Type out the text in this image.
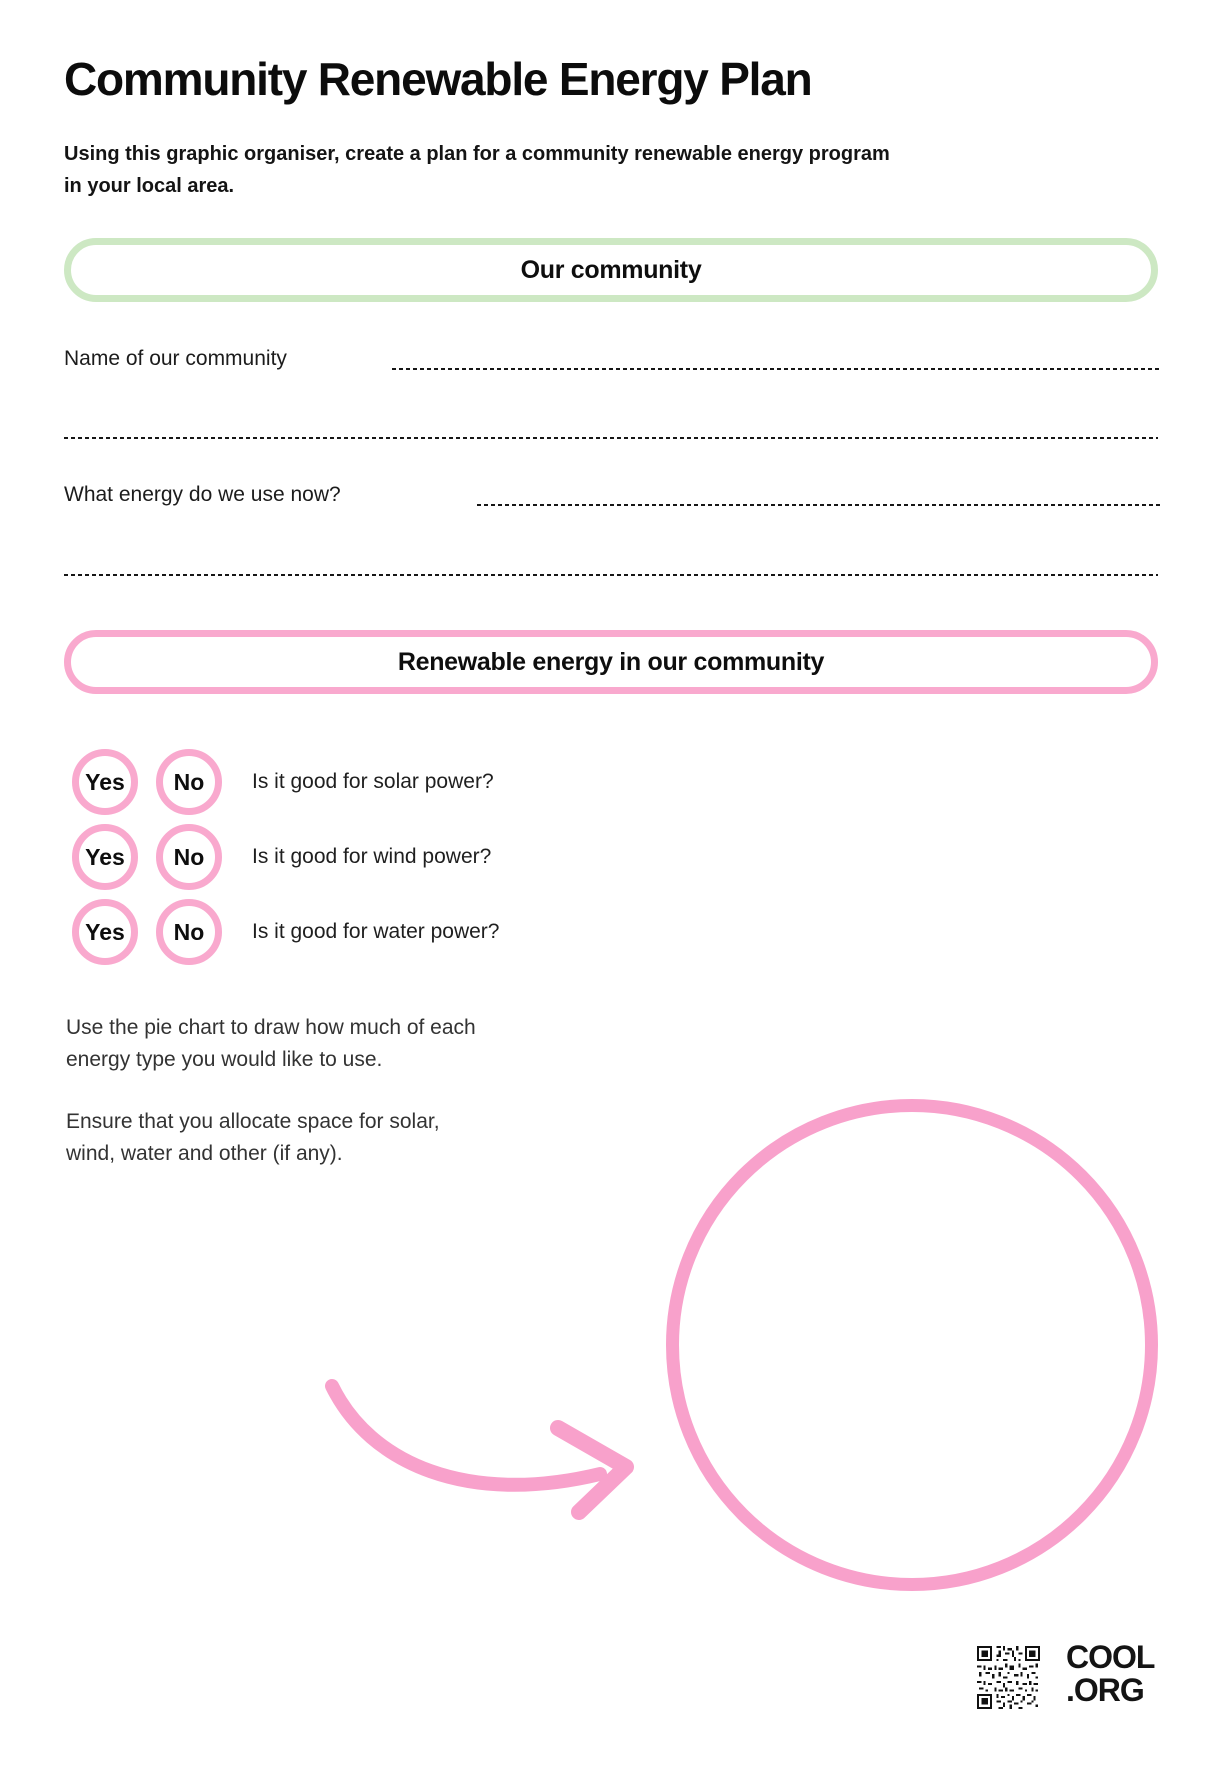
Community Renewable Energy Plan

Using this graphic organiser, create a plan for a community renewable energy program
in your local area.

Our community
Name of our community
What energy do we use now?
Renewable energy in our community
Yes	No	Is it good for solar power?
Yes	No	Is it good for wind power?
Yes	No	Is it good for water power?

Use the pie chart to draw how much of each
energy type you would like to use.

Ensure that you allocate space for solar,
wind, water and other (if any).

COOL
.ORG
